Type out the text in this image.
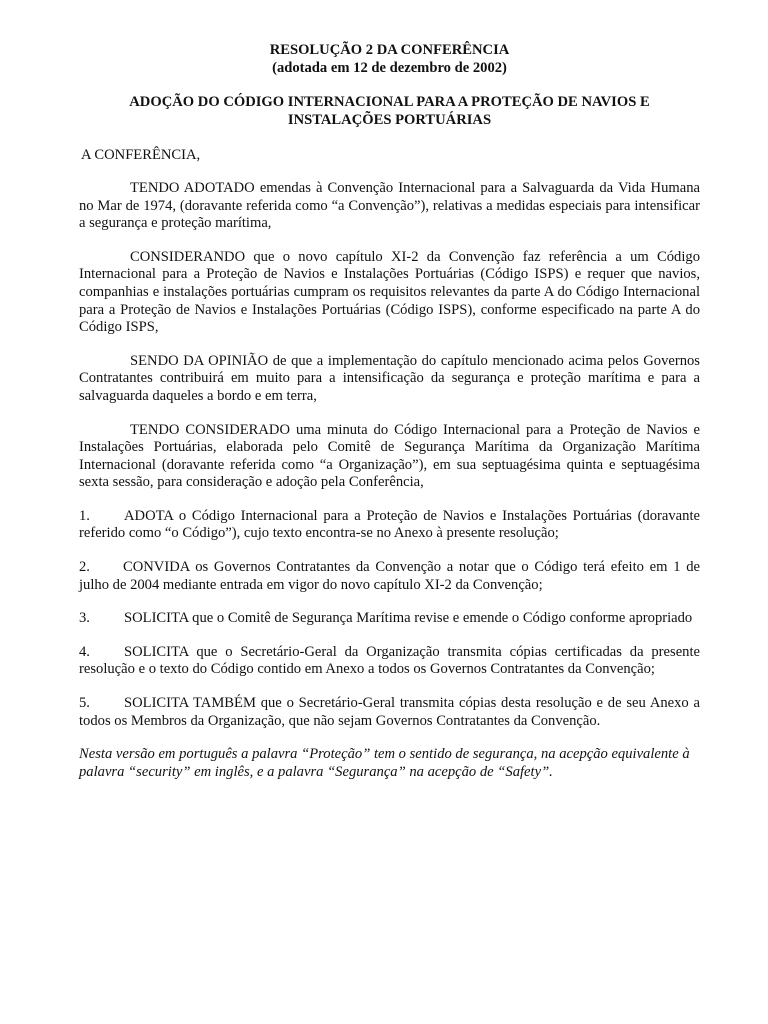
RESOLUÇÃO 2 DA CONFERÊNCIA

(adotada em 12 de dezembro de 2002)

ADOÇÃO DO CÓDIGO INTERNACIONAL PARA A PROTEÇÃO DE NAVIOS E

INSTALAÇÕES PORTUÁRIAS

A CONFERÊNCIA,

TENDO ADOTADO emendas à Convenção Internacional para a Salvaguarda da Vida Humana no Mar de 1974, (doravante referida como “a Convenção”), relativas a medidas especiais para intensificar a segurança e proteção marítima,

CONSIDERANDO que o novo capítulo XI-2 da Convenção faz referência a um Código Internacional para a Proteção de Navios e Instalações Portuárias (Código ISPS) e requer que navios, companhias e instalações portuárias cumpram os requisitos relevantes da parte A do Código Internacional para a Proteção de Navios e Instalações Portuárias (Código ISPS), conforme especificado na parte A do Código ISPS,

SENDO DA OPINIÃO de que a implementação do capítulo mencionado acima pelos Governos Contratantes contribuirá em muito para a intensificação da segurança e proteção marítima e para a salvaguarda daqueles a bordo e em terra,

TENDO CONSIDERADO uma minuta do Código Internacional para a Proteção de Navios e Instalações Portuárias, elaborada pelo Comitê de Segurança Marítima da Organização Marítima Internacional (doravante referida como “a Organização”), em sua septuagésima quinta e septuagésima sexta sessão, para consideração e adoção pela Conferência,

1. ADOTA o Código Internacional para a Proteção de Navios e Instalações Portuárias (doravante referido como “o Código”), cujo texto encontra-se no Anexo à presente resolução;

2. CONVIDA os Governos Contratantes da Convenção a notar que o Código terá efeito em 1 de julho de 2004 mediante entrada em vigor do novo capítulo XI-2 da Convenção;

3. SOLICITA que o Comitê de Segurança Marítima revise e emende o Código conforme apropriado

4. SOLICITA que o Secretário-Geral da Organização transmita cópias certificadas da presente resolução e o texto do Código contido em Anexo a todos os Governos Contratantes da Convenção;

5. SOLICITA TAMBÉM que o Secretário-Geral transmita cópias desta resolução e de seu Anexo a todos os Membros da Organização, que não sejam Governos Contratantes da Convenção.

Nesta versão em português a palavra “Proteção” tem o sentido de segurança, na acepção equivalente à palavra “security” em inglês, e a palavra “Segurança” na acepção de “Safety”.
